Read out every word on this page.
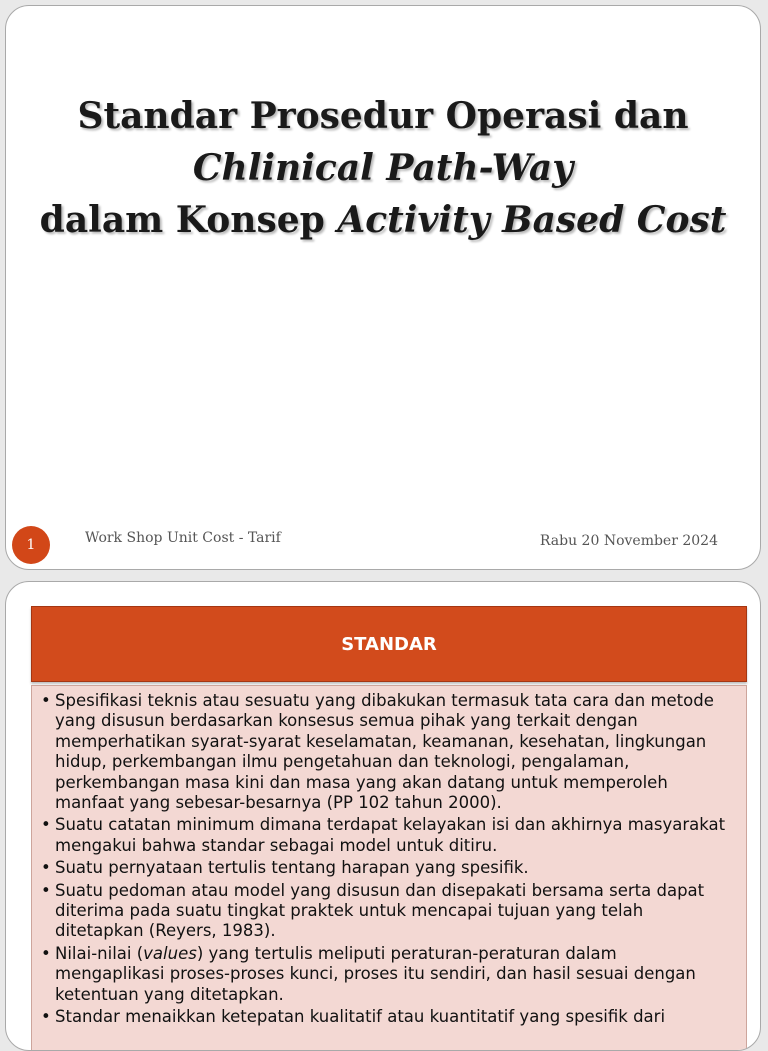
Standar Prosedur Operasi dan
Chlinical Path-Way
dalam Konsep Activity Based Cost
1	Work Shop Unit Cost - Tarif	Rabu 20 November 2024
STANDAR
• Spesifikasi teknis atau sesuatu yang dibakukan termasuk tata cara dan metode yang disusun berdasarkan konsesus semua pihak yang terkait dengan memperhatikan syarat-syarat keselamatan, keamanan, kesehatan, lingkungan hidup, perkembangan ilmu pengetahuan dan teknologi, pengalaman, perkembangan masa kini dan masa yang akan datang untuk memperoleh manfaat yang sebesar-besarnya (PP 102 tahun 2000).
• Suatu catatan minimum dimana terdapat kelayakan isi dan akhirnya masyarakat mengakui bahwa standar sebagai model untuk ditiru.
• Suatu pernyataan tertulis tentang harapan yang spesifik.
• Suatu pedoman atau model yang disusun dan disepakati bersama serta dapat diterima pada suatu tingkat praktek untuk mencapai tujuan yang telah ditetapkan (Reyers, 1983).
• Nilai-nilai (values) yang tertulis meliputi peraturan-peraturan dalam mengaplikasi proses-proses kunci, proses itu sendiri, dan hasil sesuai dengan ketentuan yang ditetapkan.
• Standar menaikkan ketepatan kualitatif atau kuantitatif yang spesifik dari
